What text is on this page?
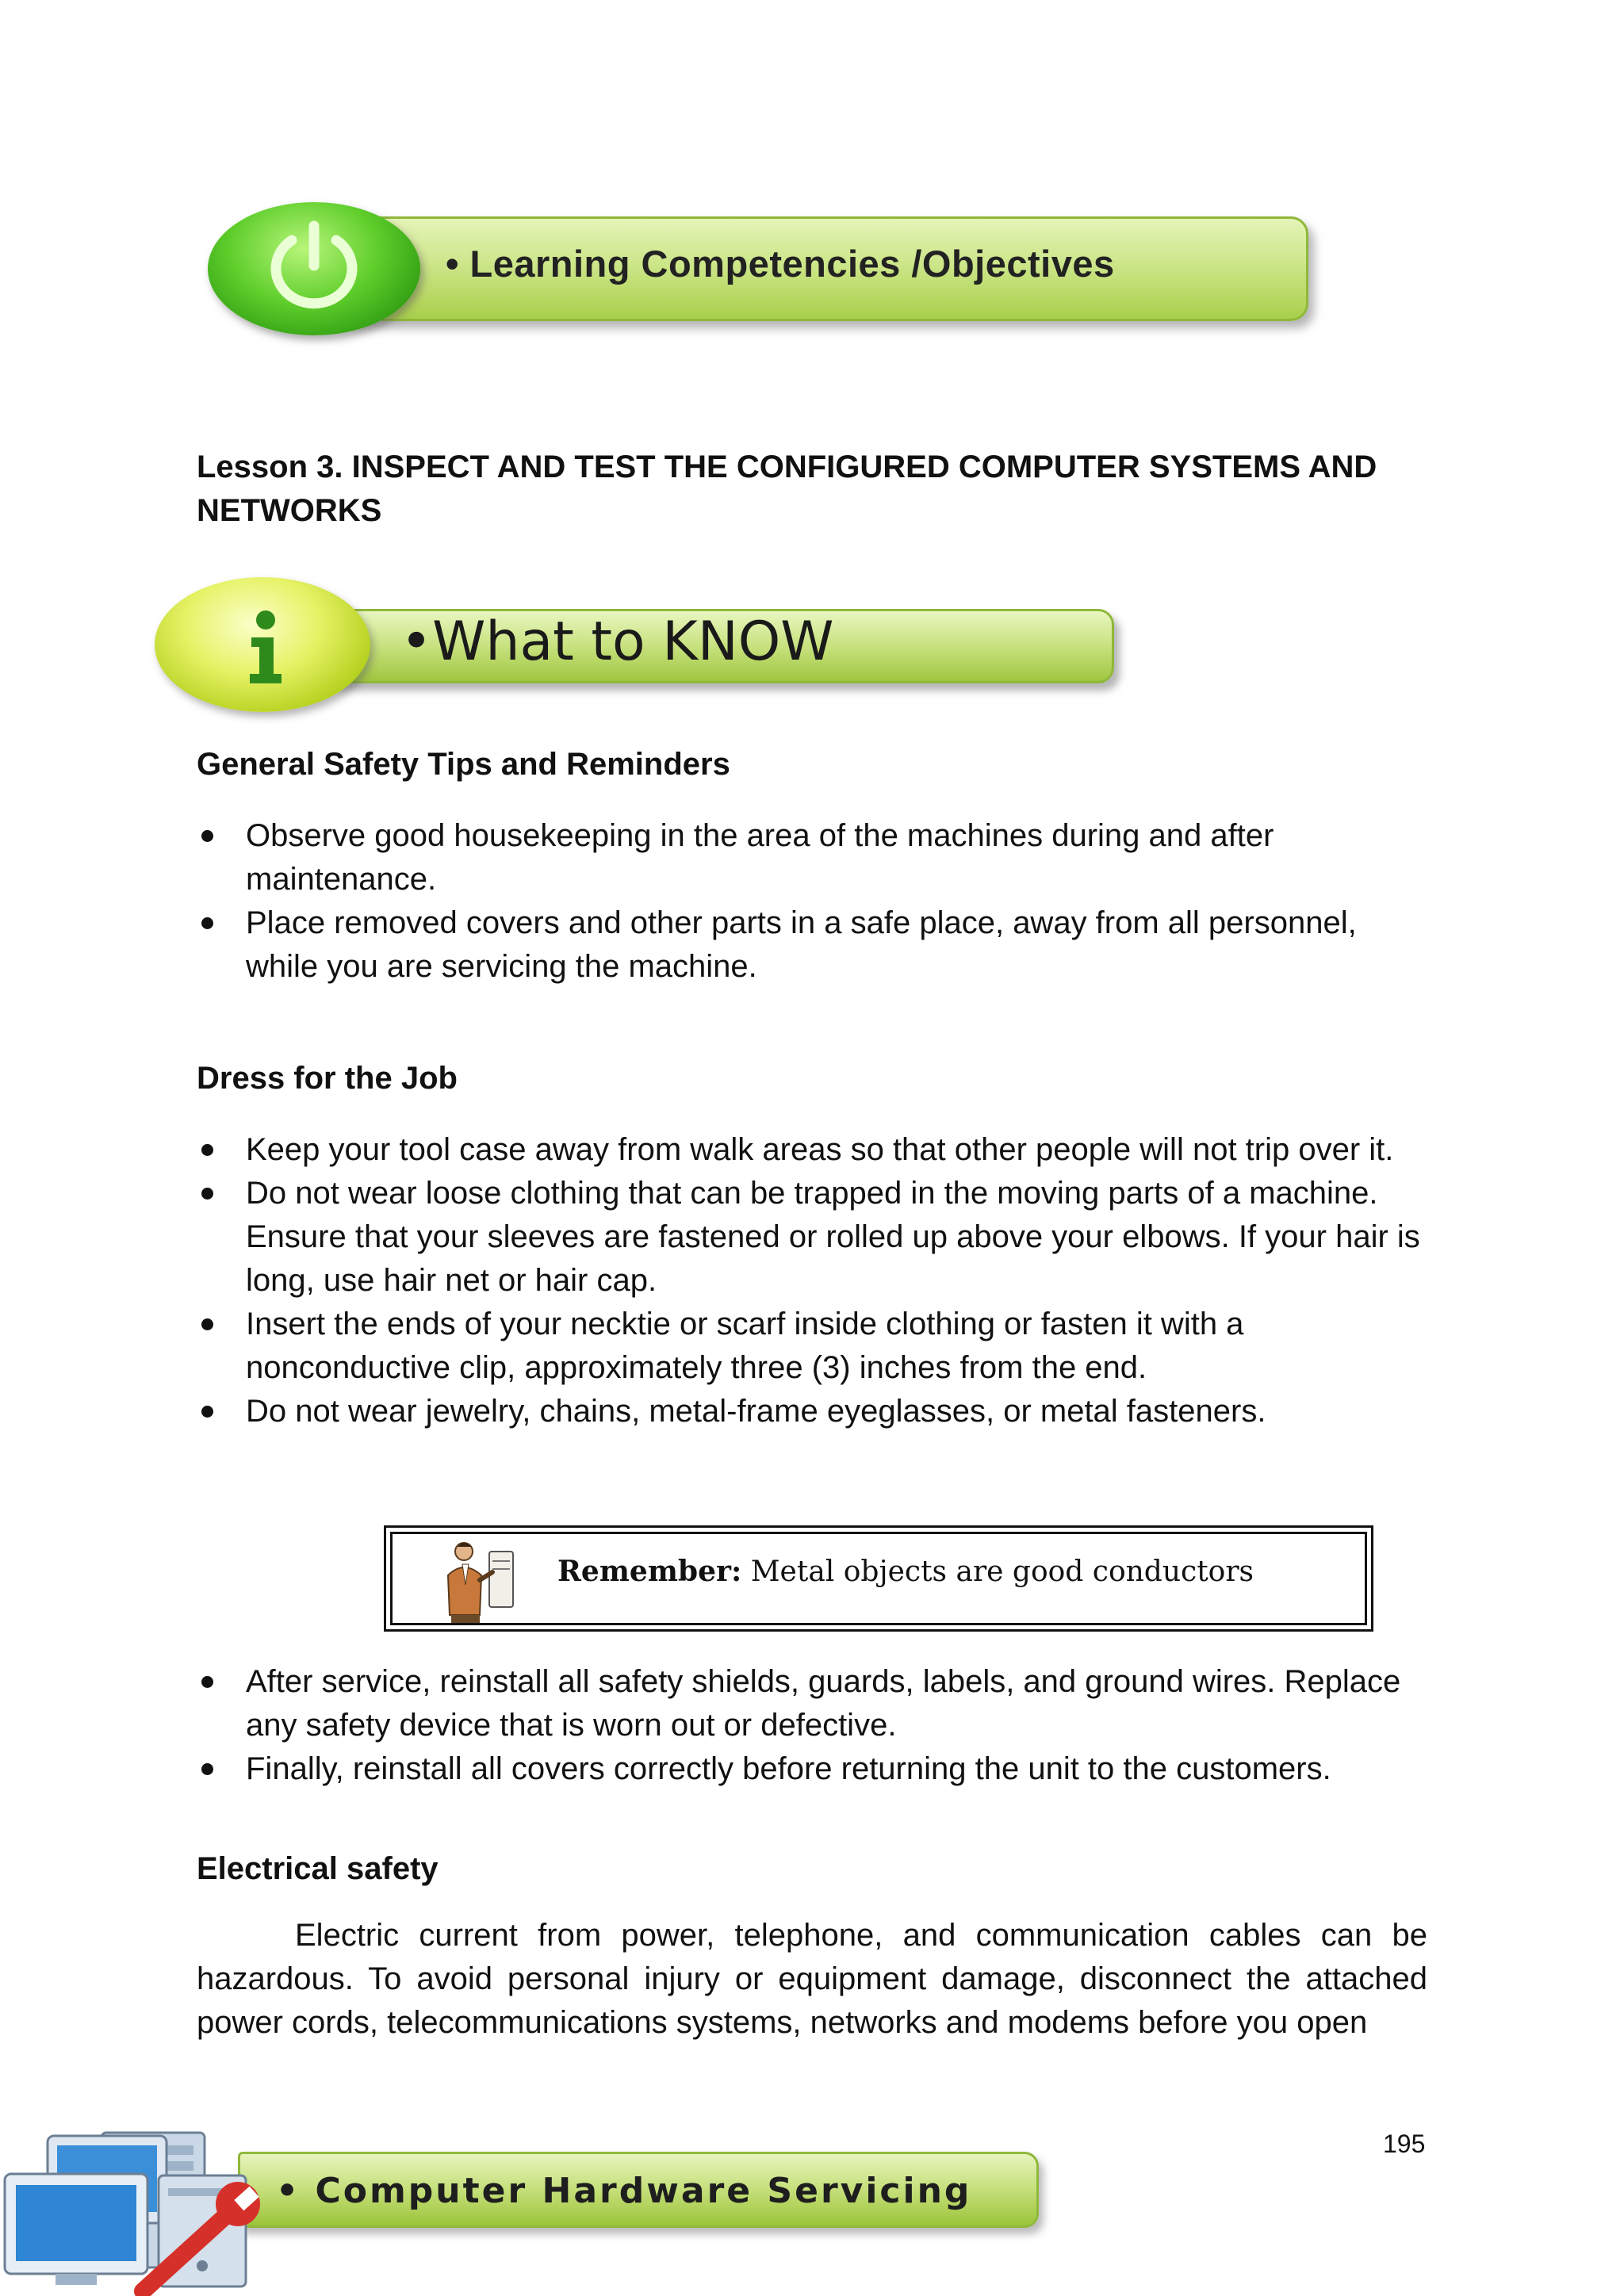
• Learning Competencies /Objectives
Lesson 3. INSPECT AND TEST THE CONFIGURED COMPUTER SYSTEMS AND NETWORKS
•What to KNOW
General Safety Tips and Reminders
Observe good housekeeping in the area of the machines during and after maintenance.
Place removed covers and other parts in a safe place, away from all personnel, while you are servicing the machine.
Dress for the Job
Keep your tool case away from walk areas so that other people will not trip over it.
Do not wear loose clothing that can be trapped in the moving parts of a machine. Ensure that your sleeves are fastened or rolled up above your elbows. If your hair is long, use hair net or hair cap.
Insert the ends of your necktie or scarf inside clothing or fasten it with a nonconductive clip, approximately three (3) inches from the end.
Do not wear jewelry, chains, metal-frame eyeglasses, or metal fasteners.
Remember: Metal objects are good conductors
After service, reinstall all safety shields, guards, labels, and ground wires. Replace any safety device that is worn out or defective.
Finally, reinstall all covers correctly before returning the unit to the customers.
Electrical safety

Electric current from power, telephone, and communication cables can be hazardous. To avoid personal injury or equipment damage, disconnect the attached power cords, telecommunications systems, networks and modems before you open

195
• Computer Hardware Servicing
